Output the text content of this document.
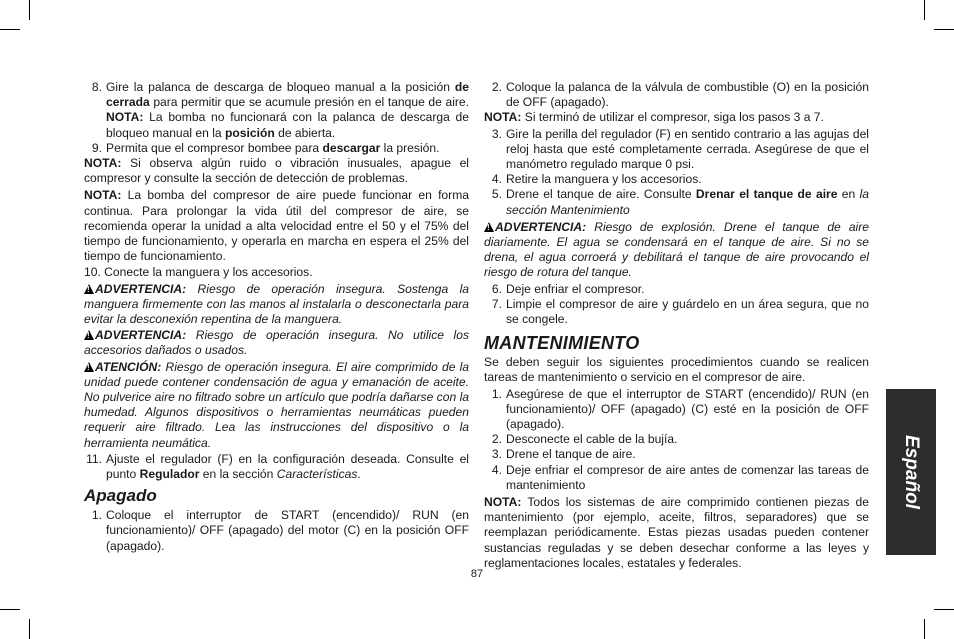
8. Gire la palanca de descarga de bloqueo manual a la posición de cerrada para permitir que se acumule presión en el tanque de aire. NOTA: La bomba no funcionará con la palanca de descarga de bloqueo manual en la posición de abierta.
9. Permita que el compresor bombee para descargar la presión.

NOTA: Si observa algún ruido o vibración inusuales, apague el compresor y consulte la sección de detección de problemas.

NOTA: La bomba del compresor de aire puede funcionar en forma continua. Para prolongar la vida útil del compresor de aire, se recomienda operar la unidad a alta velocidad entre el 50 y el 75% del tiempo de funcionamiento, y operarla en marcha en espera el 25% del tiempo de funcionamiento.

10. Conecte la manguera y los accesorios.

!ADVERTENCIA: Riesgo de operación insegura. Sostenga la manguera firmemente con las manos al instalarla o desconectarla para evitar la desconexión repentina de la manguera.

!ADVERTENCIA: Riesgo de operación insegura. No utilice los accesorios dañados o usados.

!ATENCIÓN: Riesgo de operación insegura. El aire comprimido de la unidad puede contener condensación de agua y emanación de aceite. No pulverice aire no filtrado sobre un artículo que podría dañarse con la humedad. Algunos dispositivos o herramientas neumáticas pueden requerir aire filtrado. Lea las instrucciones del dispositivo o la herramienta neumática.

11. Ajuste el regulador (F) en la configuración deseada. Consulte el punto Regulador en la sección Características.
Apagado
1. Coloque el interruptor de START (encendido)/ RUN (en funcionamiento)/ OFF (apagado) del motor (C) en la posición OFF (apagado).
2. Coloque la palanca de la válvula de combustible (O) en la posición de OFF (apagado).

NOTA: Si terminó de utilizar el compresor, siga los pasos 3 a 7.

3. Gire la perilla del regulador (F) en sentido contrario a las agujas del reloj hasta que esté completamente cerrada. Asegúrese de que el manómetro regulado marque 0 psi.
4. Retire la manguera y los accesorios.
5. Drene el tanque de aire. Consulte Drenar el tanque de aire en la sección Mantenimiento

!ADVERTENCIA: Riesgo de explosión. Drene el tanque de aire diariamente. El agua se condensará en el tanque de aire. Si no se drena, el agua corroerá y debilitará el tanque de aire provocando el riesgo de rotura del tanque.

6. Deje enfriar el compresor.
7. Limpie el compresor de aire y guárdelo en un área segura, que no se congele.
MANTENIMIENTO

Se deben seguir los siguientes procedimientos cuando se realicen tareas de mantenimiento o servicio en el compresor de aire.

1. Asegúrese de que el interruptor de START (encendido)/ RUN (en funcionamiento)/ OFF (apagado) (C) esté en la posición de OFF (apagado).
2. Desconecte el cable de la bujía.
3. Drene el tanque de aire.
4. Deje enfriar el compresor de aire antes de comenzar las tareas de mantenimiento

NOTA: Todos los sistemas de aire comprimido contienen piezas de mantenimiento (por ejemplo, aceite, filtros, separadores) que se reemplazan periódicamente. Estas piezas usadas pueden contener sustancias reguladas y se deben desechar conforme a las leyes y reglamentaciones locales, estatales y federales.

Español
87
